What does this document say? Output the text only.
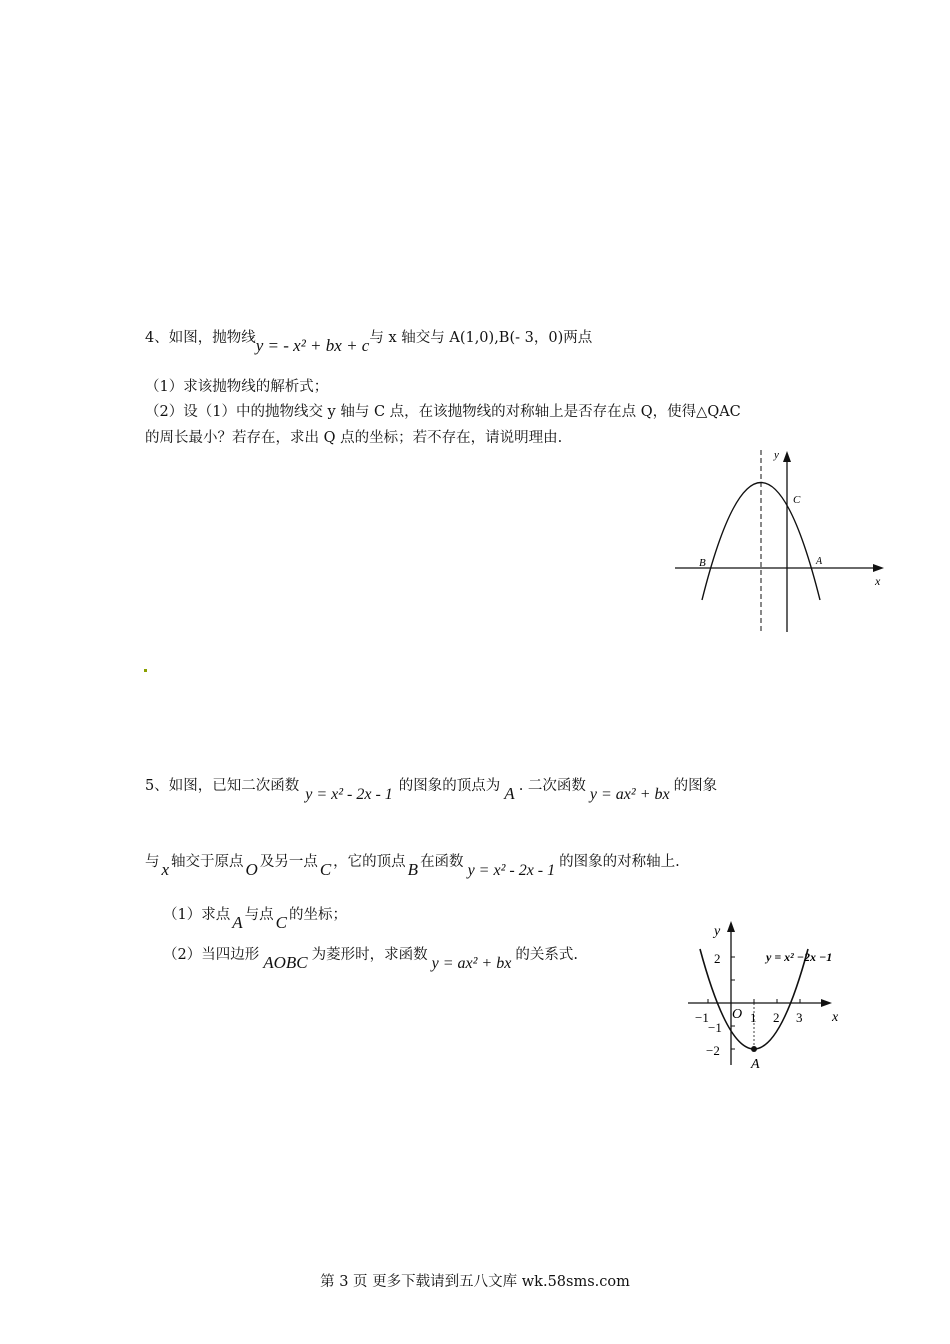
4、如图，抛物线y = - x² + bx + c与 x 轴交与 A(1,0),B(- 3，0)两点
（1）求该抛物线的解析式；
（2）设（1）中的抛物线交 y 轴与 C 点，在该抛物线的对称轴上是否存在点 Q，使得△QAC
的周长最小？若存在，求出 Q 点的坐标；若不存在，请说明理由.
y
x
C
B	A
5、如图，已知二次函数 y = x² - 2x - 1 的图象的顶点为 A . 二次函数 y = ax² + bx 的图象
与 x 轴交于原点 O 及另一点 C ，它的顶点 B 在函数 y = x² - 2x - 1 的图象的对称轴上.
（1）求点 A 与点 C 的坐标；
（2）当四边形 AOBC 为菱形时，求函数 y = ax² + bx 的关系式.
y
x
y = x² −2x −1
2
−1
−2
−1 O 1 2 3
A
第 3 页 更多下载请到五八文库 wk.58sms.com
